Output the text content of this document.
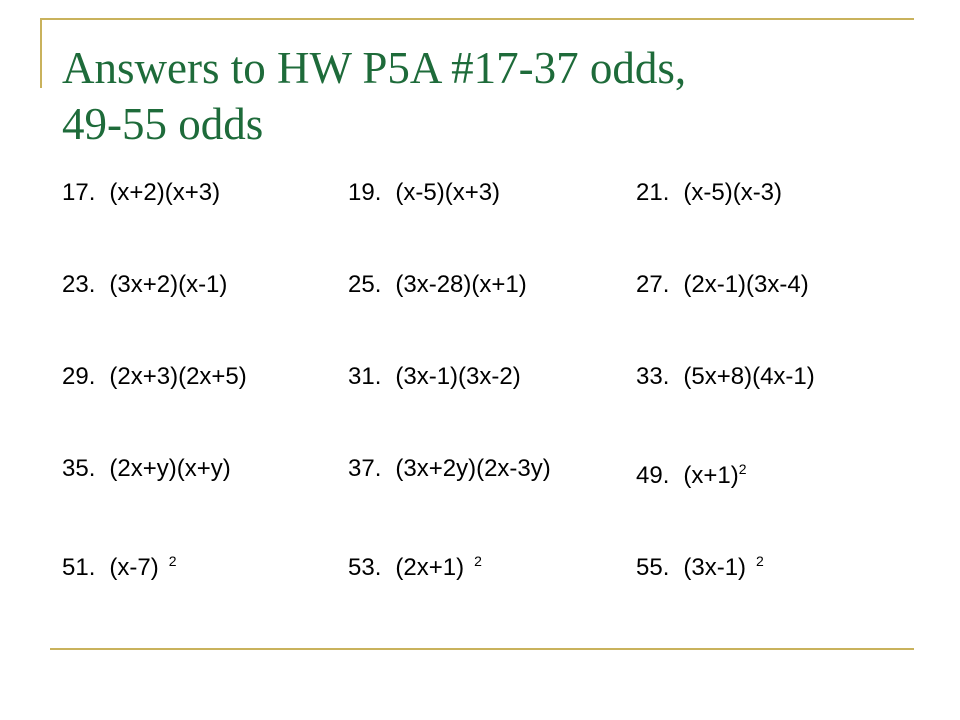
Answers to HW P5A #17-37 odds,
49-55 odds
17. (x+2)(x+3)	19. (x-5)(x+3)	21. (x-5)(x-3)
23. (3x+2)(x-1)	25. (3x-28)(x+1)	27. (2x-1)(3x-4)
29. (2x+3)(2x+5)	31. (3x-1)(3x-2)	33. (5x+8)(4x-1)
35. (2x+y)(x+y)	37. (3x+2y)(2x-3y)	49. $(x+1)^2$
51. (x-7) $^2$	53. (2x+1) $^2$	55. (3x-1) $^2$
